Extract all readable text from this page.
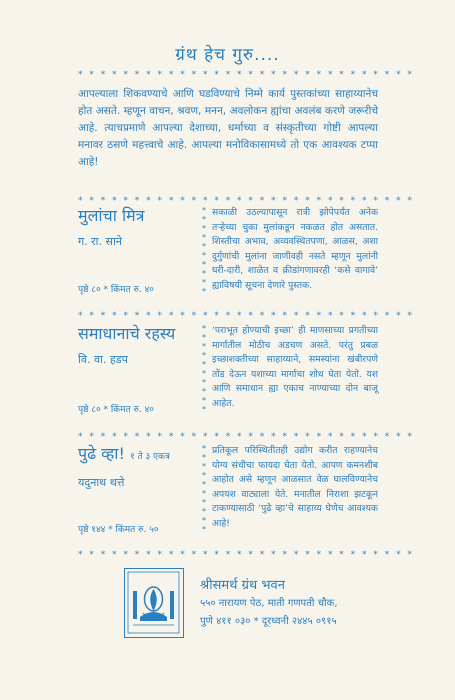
ग्रंथ हेच गुरु....
* * * * * * * * * * * * * * * * * * * * * * * * * * * * * *
आपल्याला शिकवण्याचे आणि घडविण्याचे निम्मे कार्य पुस्तकांच्या साहाय्यानेच होत असते. म्हणून वाचन, श्रवण, मनन, अवलोकन ह्यांचा अवलंब करणे जरूरीचे आहे. त्याचप्रमाणे आपल्या देशाच्या, धर्माच्या व संस्कृतीच्या गोष्टी आपल्या मनावर ठसणे महत्त्वाचे आहे. आपल्या मनोविकासामध्ये तो एक आवश्यक टप्पा आहे!
* * * * * * * * * * * * * * * * * * * * * * * * * * * * * *
मुलांचा मित्र
ग. रा. साने
पृष्ठे ८० * किंमत रु. ४०
*
*
*
*
*
*
*
*
*
*
सकाळी उठल्यापासून रात्री झोपेपर्यंत अनेक तऱ्हेच्या चुका मुलांकडून नकळत होत असतात. शिस्तीचा अभाव, अव्यवस्थितपणा, आळस, अशा दुर्गुणांची मुलांना जाणीवही नसते म्हणून मुलांनी घरी-दारी, शाळेत व क्रीडांगणावरही ‘कसे वागावे’ ह्याविषयी सूचना देणारे पुस्तक.
* * * * * * * * * * * * * * * * * * * * * * * * * * * * * *
समाधानाचे रहस्य
वि. वा. हडप
पृष्ठे ८० * किंमत रु. ४०
*
*
*
*
*
*
*
*
*
*
‘पराभूत होण्याची इच्छा’ ही माणसाच्या प्रगतीच्या मार्गातील मोठीच अडचण असते. परंतु प्रबळ इच्छाशक्तीच्या साहाय्याने, समस्यांना खंबीरपणे तोंड देऊन यशाच्या मार्गाचा शोध घेता येतो. यश आणि समाधान ह्या एकाच नाण्याच्या दोन बाजू आहेत.
* * * * * * * * * * * * * * * * * * * * * * * * * * * * * *
पुढे व्हा! १ ते ३ एकत्र
यदुनाथ थत्ते
पृष्ठे १४४ * किंमत रु. ५०
*
*
*
*
*
*
*
*
*
*
प्रतिकूल परिस्थितीतही उद्योग करीत राहण्यानेच योग्य संधीचा फायदा घेता येतो. आपण कमनशीब आहोत असे म्हणून आळसात वेळ घालविण्यानेच अपयश वाट्याला येते. मनातील निराशा झटकून टाकण्यासाठी ‘पुढे व्हा’चे साहाय्य घेणेच आवश्यक आहे!
* * * * * * * * * * * * * * * * * * * * * * * * * * * * * *
श्रीसमर्थ ग्रंथ भवन
५५० नारायण पेठ, माती गणपती चौक,
पुणे ४११ ०३० * दूरध्वनी २४४५ ०९१५
